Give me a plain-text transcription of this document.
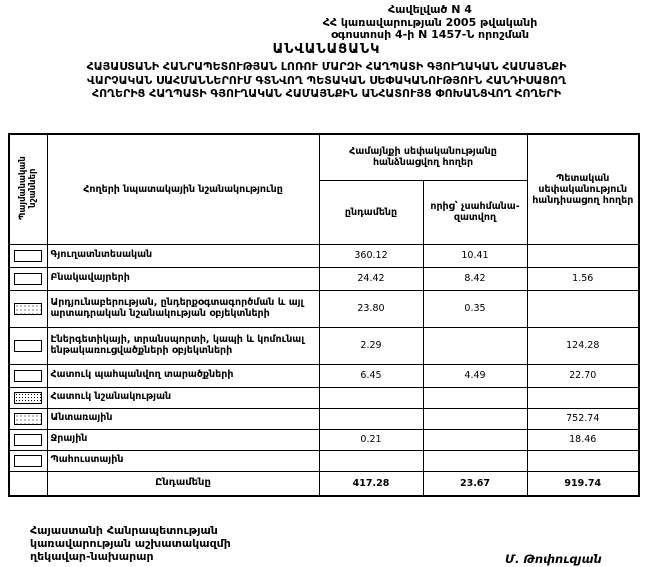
Հավելված N 4
ՀՀ կառավարության 2005 թվականի
օգոստոսի 4-ի N 1457-Ն որոշման
ԱՆՎԱՆԱՑԱՆԿ
ՀԱՅԱՍՏԱՆԻ ՀԱՆՐԱՊԵՏՈՒԹՅԱՆ ԼՈՌՈՒ ՄԱՐԶԻ ՀԱՂՊԱՏԻ ԳՅՈՒՂԱԿԱՆ ՀԱՄԱՅՆՔԻ
ՎԱՐՉԱԿԱՆ ՍԱՀՄԱՆՆԵՐՈՒՄ ԳՏՆՎՈՂ ՊԵՏԱԿԱՆ ՍԵՓԱԿԱՆՈՒԹՅՈՒՆ ՀԱՆԴԻՍԱՑՈՂ
ՀՈՂԵՐԻՑ ՀԱՂՊԱՏԻ ԳՅՈՒՂԱԿԱՆ ՀԱՄԱՅՆՔԻՆ ԱՆՀԱՏՈՒՅՑ ՓՈԽԱՆՑՎՈՂ ՀՈՂԵՐԻ
Պայմանական նշաններ	Հողերի նպատակային նշանակությունը	Համայնքի սեփականությանը հանձնացվող հողեր		Պետական սեփականություն հանդիսացող հողեր
		ընդամենը	որից՝ չսահմանազատվող	
	Գյուղատնտեսական	360.12	10.41	
	Բնակավայրերի	24.42	8.42	1.56
	Արդյունաբերության, ընդերքօգտագործման և այլ արտադրական նշանակության օբյեկտների	23.80	0.35	
	Էներգետիկայի, տրանսպորտի, կապի և կոմունալ ենթակառուցվածքների օբյեկտների	2.29		124.28
	Հատուկ պահպանվող տարածքների	6.45	4.49	22.70
	Հատուկ նշանակության			
	Անտառային			752.74
	Ջրային	0.21		18.46
	Պահուստային			
	Ընդամենը	417.28	23.67	919.74
Հայաստանի Հանրապետության
կառավարության աշխատակազմի
ղեկավար-նախարար	Մ. Թոփուզյան
